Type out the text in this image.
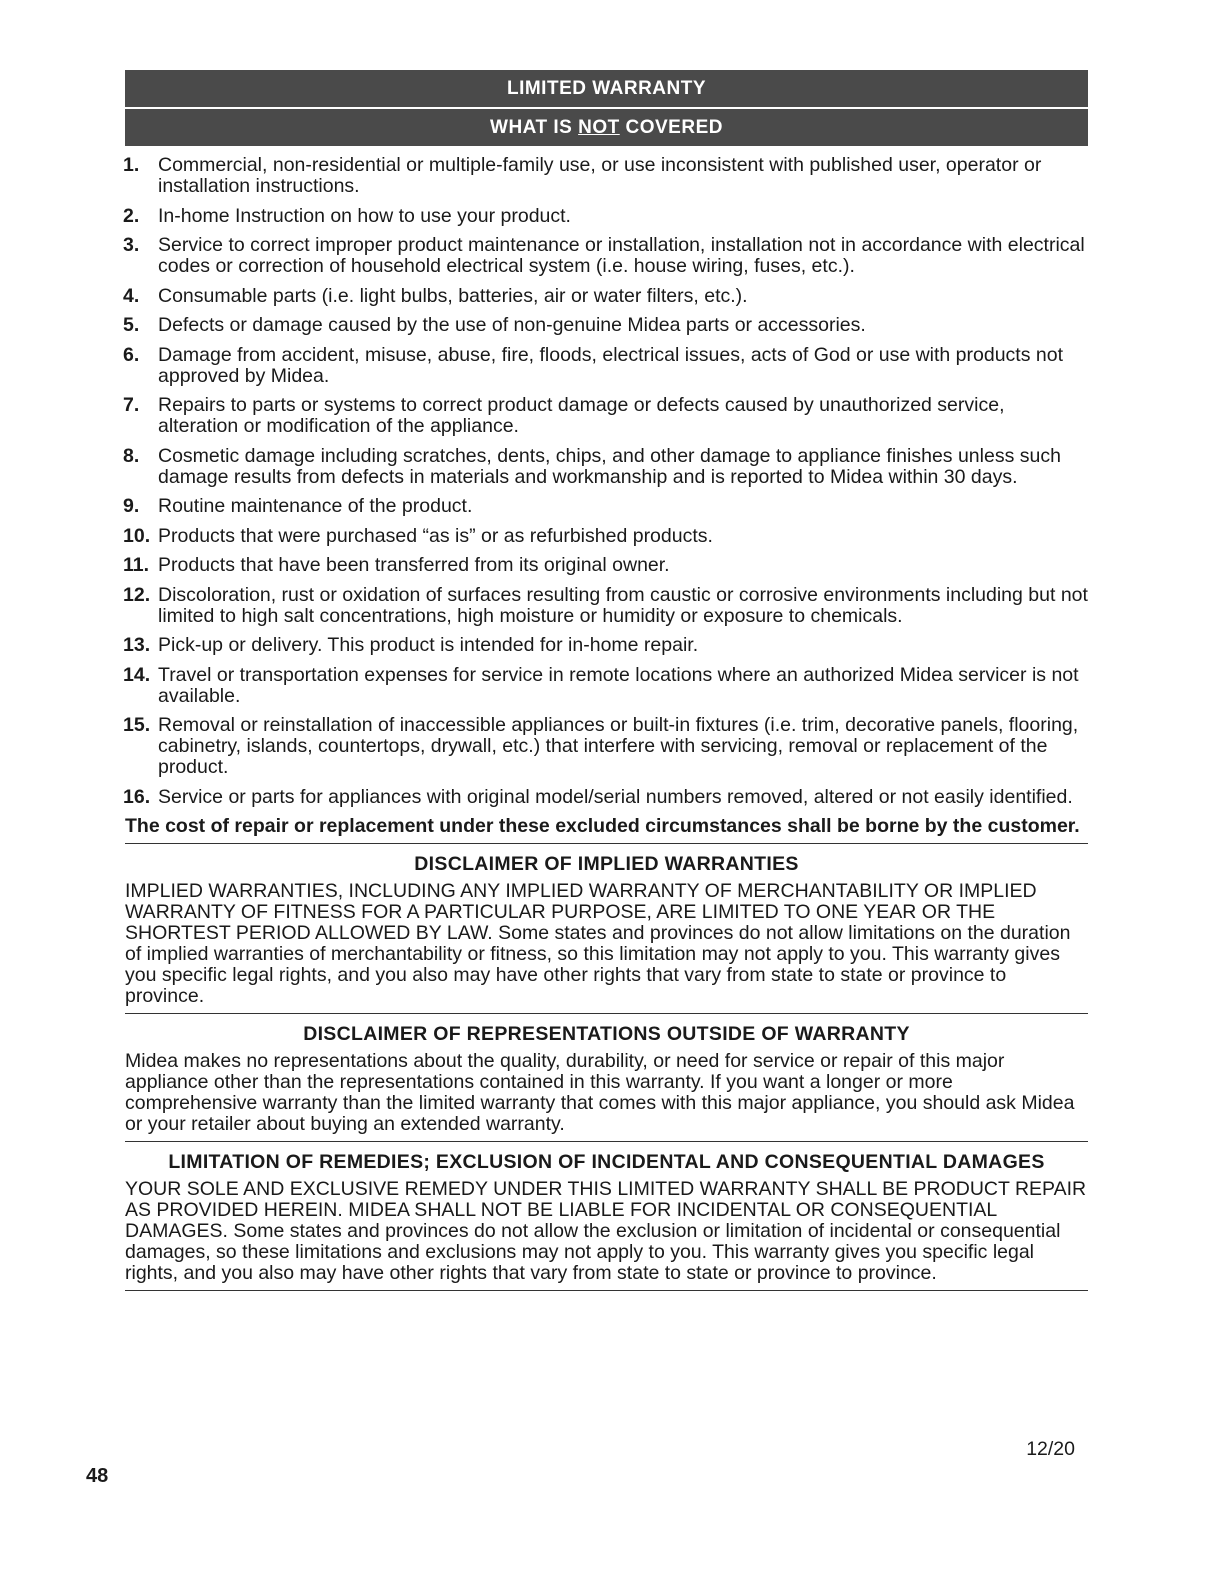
LIMITED WARRANTY
WHAT IS NOT COVERED
1. Commercial, non-residential or multiple-family use, or use inconsistent with published user, operator or installation instructions.
2. In-home Instruction on how to use your product.
3. Service to correct improper product maintenance or installation, installation not in accordance with electrical codes or correction of household electrical system (i.e. house wiring, fuses, etc.).
4. Consumable parts (i.e. light bulbs, batteries, air or water filters, etc.).
5. Defects or damage caused by the use of non-genuine Midea parts or accessories.
6. Damage from accident, misuse, abuse, fire, floods, electrical issues, acts of God or use with products not approved by Midea.
7. Repairs to parts or systems to correct product damage or defects caused by unauthorized service, alteration or modification of the appliance.
8. Cosmetic damage including scratches, dents, chips, and other damage to appliance finishes unless such damage results from defects in materials and workmanship and is reported to Midea within 30 days.
9. Routine maintenance of the product.
10. Products that were purchased “as is” or as refurbished products.
11. Products that have been transferred from its original owner.
12. Discoloration, rust or oxidation of surfaces resulting from caustic or corrosive environments including but not limited to high salt concentrations, high moisture or humidity or exposure to chemicals.
13. Pick-up or delivery. This product is intended for in-home repair.
14. Travel or transportation expenses for service in remote locations where an authorized Midea servicer is not available.
15. Removal or reinstallation of inaccessible appliances or built-in fixtures (i.e. trim, decorative panels, flooring, cabinetry, islands, countertops, drywall, etc.) that interfere with servicing, removal or replacement of the product.
16. Service or parts for appliances with original model/serial numbers removed, altered or not easily identified.
The cost of repair or replacement under these excluded circumstances shall be borne by the customer.
DISCLAIMER OF IMPLIED WARRANTIES

IMPLIED WARRANTIES, INCLUDING ANY IMPLIED WARRANTY OF MERCHANTABILITY OR IMPLIED WARRANTY OF FITNESS FOR A PARTICULAR PURPOSE, ARE LIMITED TO ONE YEAR OR THE SHORTEST PERIOD ALLOWED BY LAW. Some states and provinces do not allow limitations on the duration of implied warranties of merchantability or fitness, so this limitation may not apply to you. This warranty gives you specific legal rights, and you also may have other rights that vary from state to state or province to province.

DISCLAIMER OF REPRESENTATIONS OUTSIDE OF WARRANTY

Midea makes no representations about the quality, durability, or need for service or repair of this major appliance other than the representations contained in this warranty. If you want a longer or more comprehensive warranty than the limited warranty that comes with this major appliance, you should ask Midea or your retailer about buying an extended warranty.

LIMITATION OF REMEDIES; EXCLUSION OF INCIDENTAL AND CONSEQUENTIAL DAMAGES

YOUR SOLE AND EXCLUSIVE REMEDY UNDER THIS LIMITED WARRANTY SHALL BE PRODUCT REPAIR AS PROVIDED HEREIN. MIDEA SHALL NOT BE LIABLE FOR INCIDENTAL OR CONSEQUENTIAL DAMAGES. Some states and provinces do not allow the exclusion or limitation of incidental or consequential damages, so these limitations and exclusions may not apply to you. This warranty gives you specific legal rights, and you also may have other rights that vary from state to state or province to province.

12/20
48
